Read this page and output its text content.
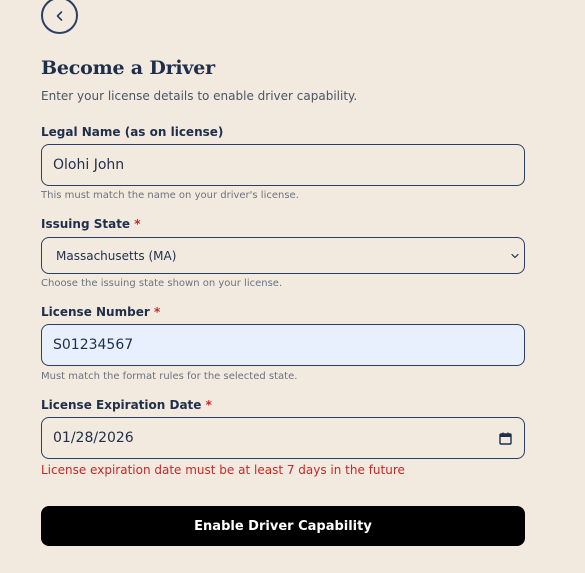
Become a Driver
Enter your license details to enable driver capability.
Legal Name (as on license)
Olohi John
This must match the name on your driver's license.
Issuing State *
Massachusetts (MA)
Choose the issuing state shown on your license.
License Number *
S01234567
Must match the format rules for the selected state.
License Expiration Date *
01/28/2026
License expiration date must be at least 7 days in the future
Enable Driver Capability
